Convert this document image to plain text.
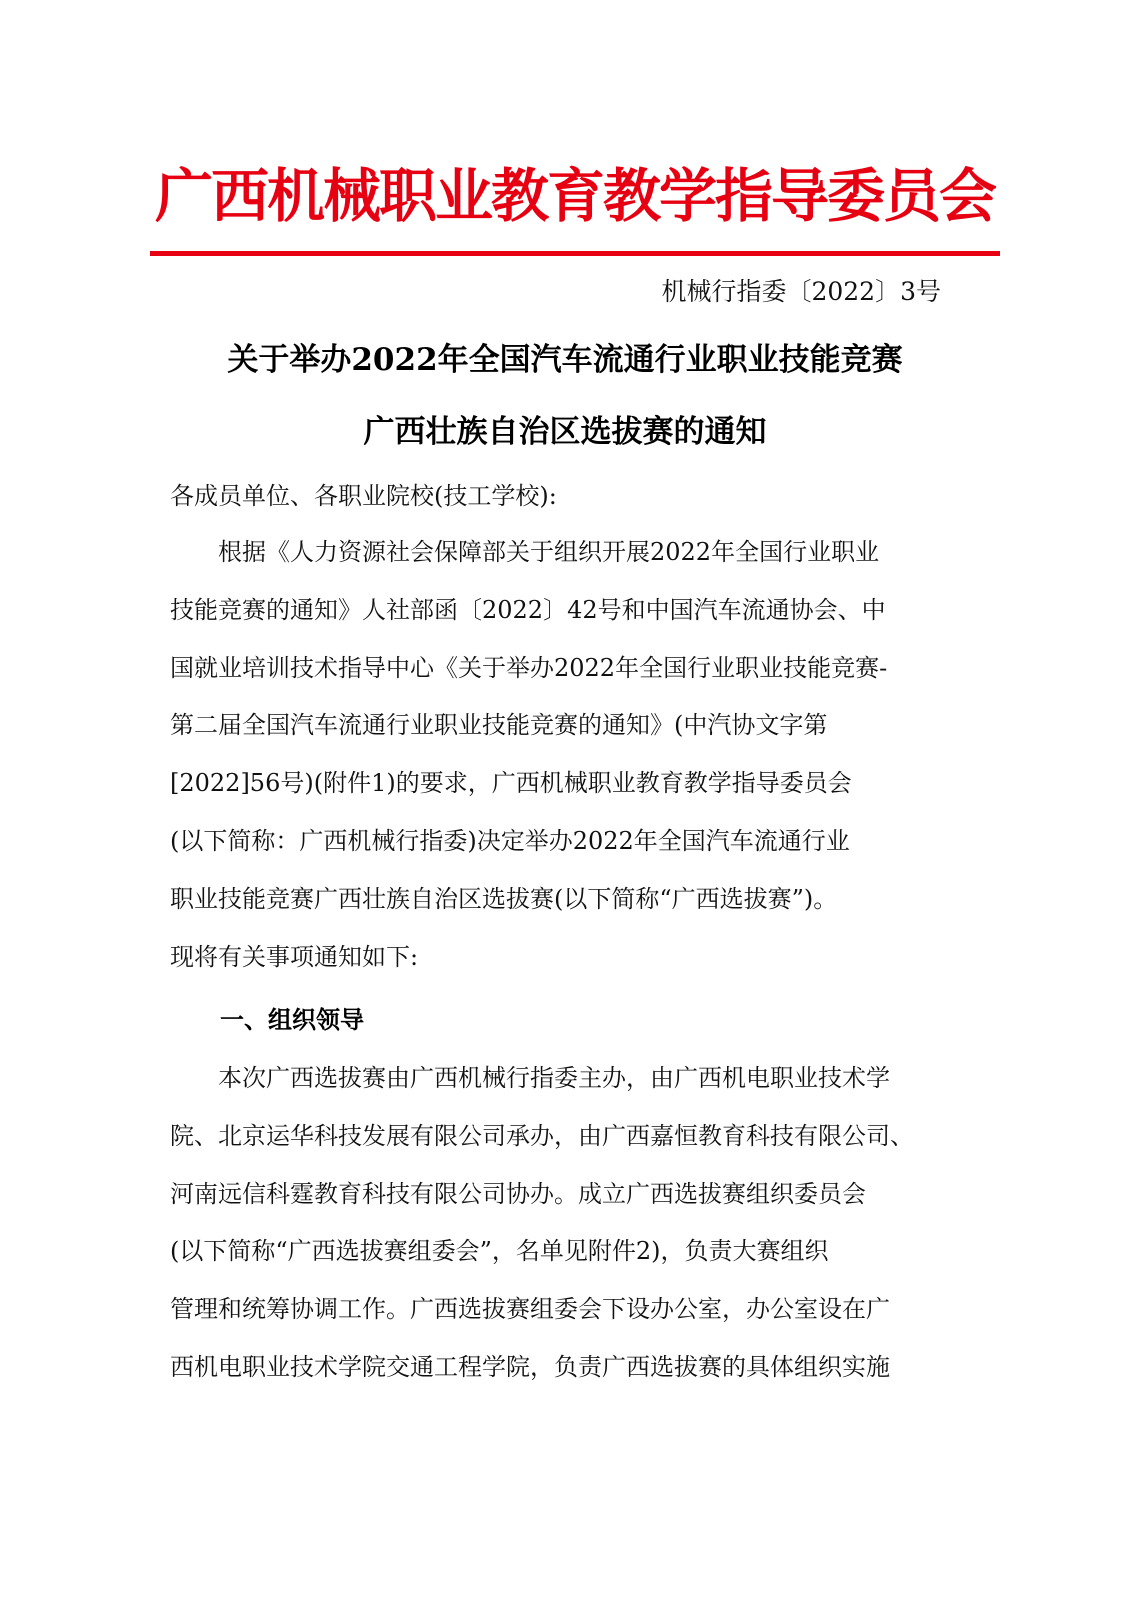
广西机械职业教育教学指导委员会
机械行指委〔2022〕3号
关于举办2022年全国汽车流通行业职业技能竞赛
广西壮族自治区选拔赛的通知
各成员单位、各职业院校(技工学校):
根据《人力资源社会保障部关于组织开展2022年全国行业职业
技能竞赛的通知》人社部函〔2022〕42号和中国汽车流通协会、中
国就业培训技术指导中心《关于举办2022年全国行业职业技能竞赛-
第二届全国汽车流通行业职业技能竞赛的通知》(中汽协文字第
[2022]56号)(附件1)的要求，广西机械职业教育教学指导委员会
(以下简称：广西机械行指委)决定举办2022年全国汽车流通行业
职业技能竞赛广西壮族自治区选拔赛(以下简称“广西选拔赛”)。
现将有关事项通知如下:
一、组织领导
本次广西选拔赛由广西机械行指委主办，由广西机电职业技术学
院、北京运华科技发展有限公司承办，由广西嘉恒教育科技有限公司、
河南远信科霆教育科技有限公司协办。成立广西选拔赛组织委员会
(以下简称“广西选拔赛组委会”，名单见附件2)，负责大赛组织
管理和统筹协调工作。广西选拔赛组委会下设办公室，办公室设在广
西机电职业技术学院交通工程学院，负责广西选拔赛的具体组织实施
